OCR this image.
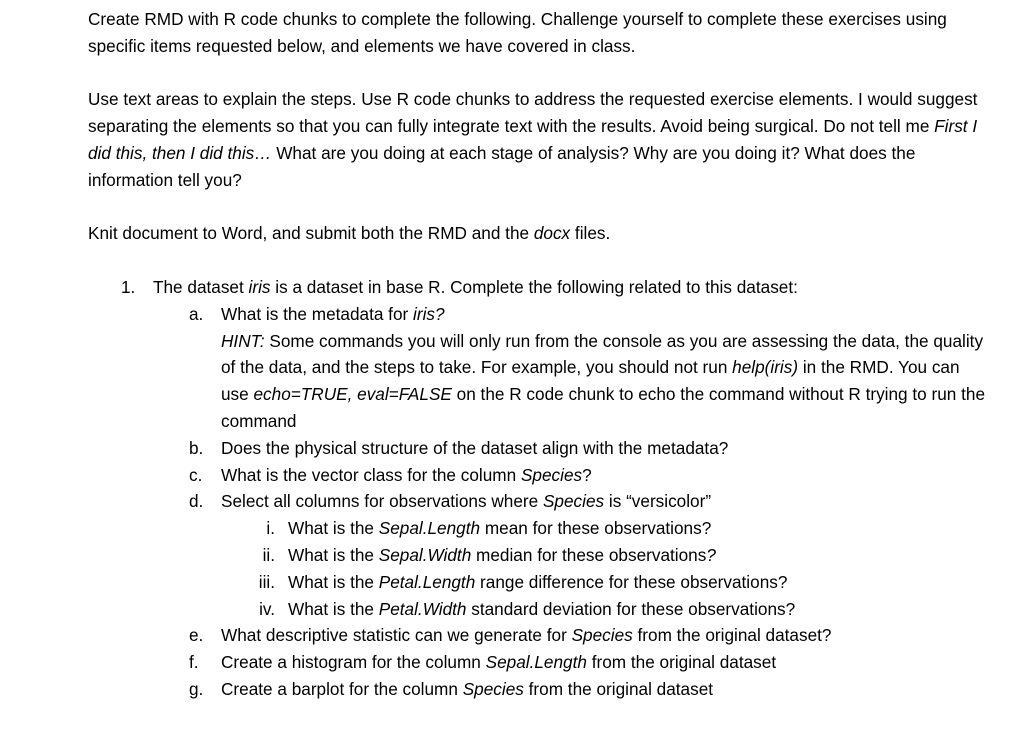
Create RMD with R code chunks to complete the following. Challenge yourself to complete these exercises using specific items requested below, and elements we have covered in class.

Use text areas to explain the steps. Use R code chunks to address the requested exercise elements. I would suggest separating the elements so that you can fully integrate text with the results. Avoid being surgical. Do not tell me First I did this, then I did this… What are you doing at each stage of analysis? Why are you doing it? What does the information tell you?

Knit document to Word, and submit both the RMD and the docx files.

1. The dataset iris is a dataset in base R. Complete the following related to this dataset:
a. What is the metadata for iris?
HINT: Some commands you will only run from the console as you are assessing the data, the quality of the data, and the steps to take. For example, you should not run help(iris) in the RMD. You can use echo=TRUE, eval=FALSE on the R code chunk to echo the command without R trying to run the command
b. Does the physical structure of the dataset align with the metadata?
c. What is the vector class for the column Species?
d. Select all columns for observations where Species is “versicolor”
i. What is the Sepal.Length mean for these observations?
ii. What is the Sepal.Width median for these observations?
iii. What is the Petal.Length range difference for these observations?
iv. What is the Petal.Width standard deviation for these observations?
e. What descriptive statistic can we generate for Species from the original dataset?
f. Create a histogram for the column Sepal.Length from the original dataset
g. Create a barplot for the column Species from the original dataset
